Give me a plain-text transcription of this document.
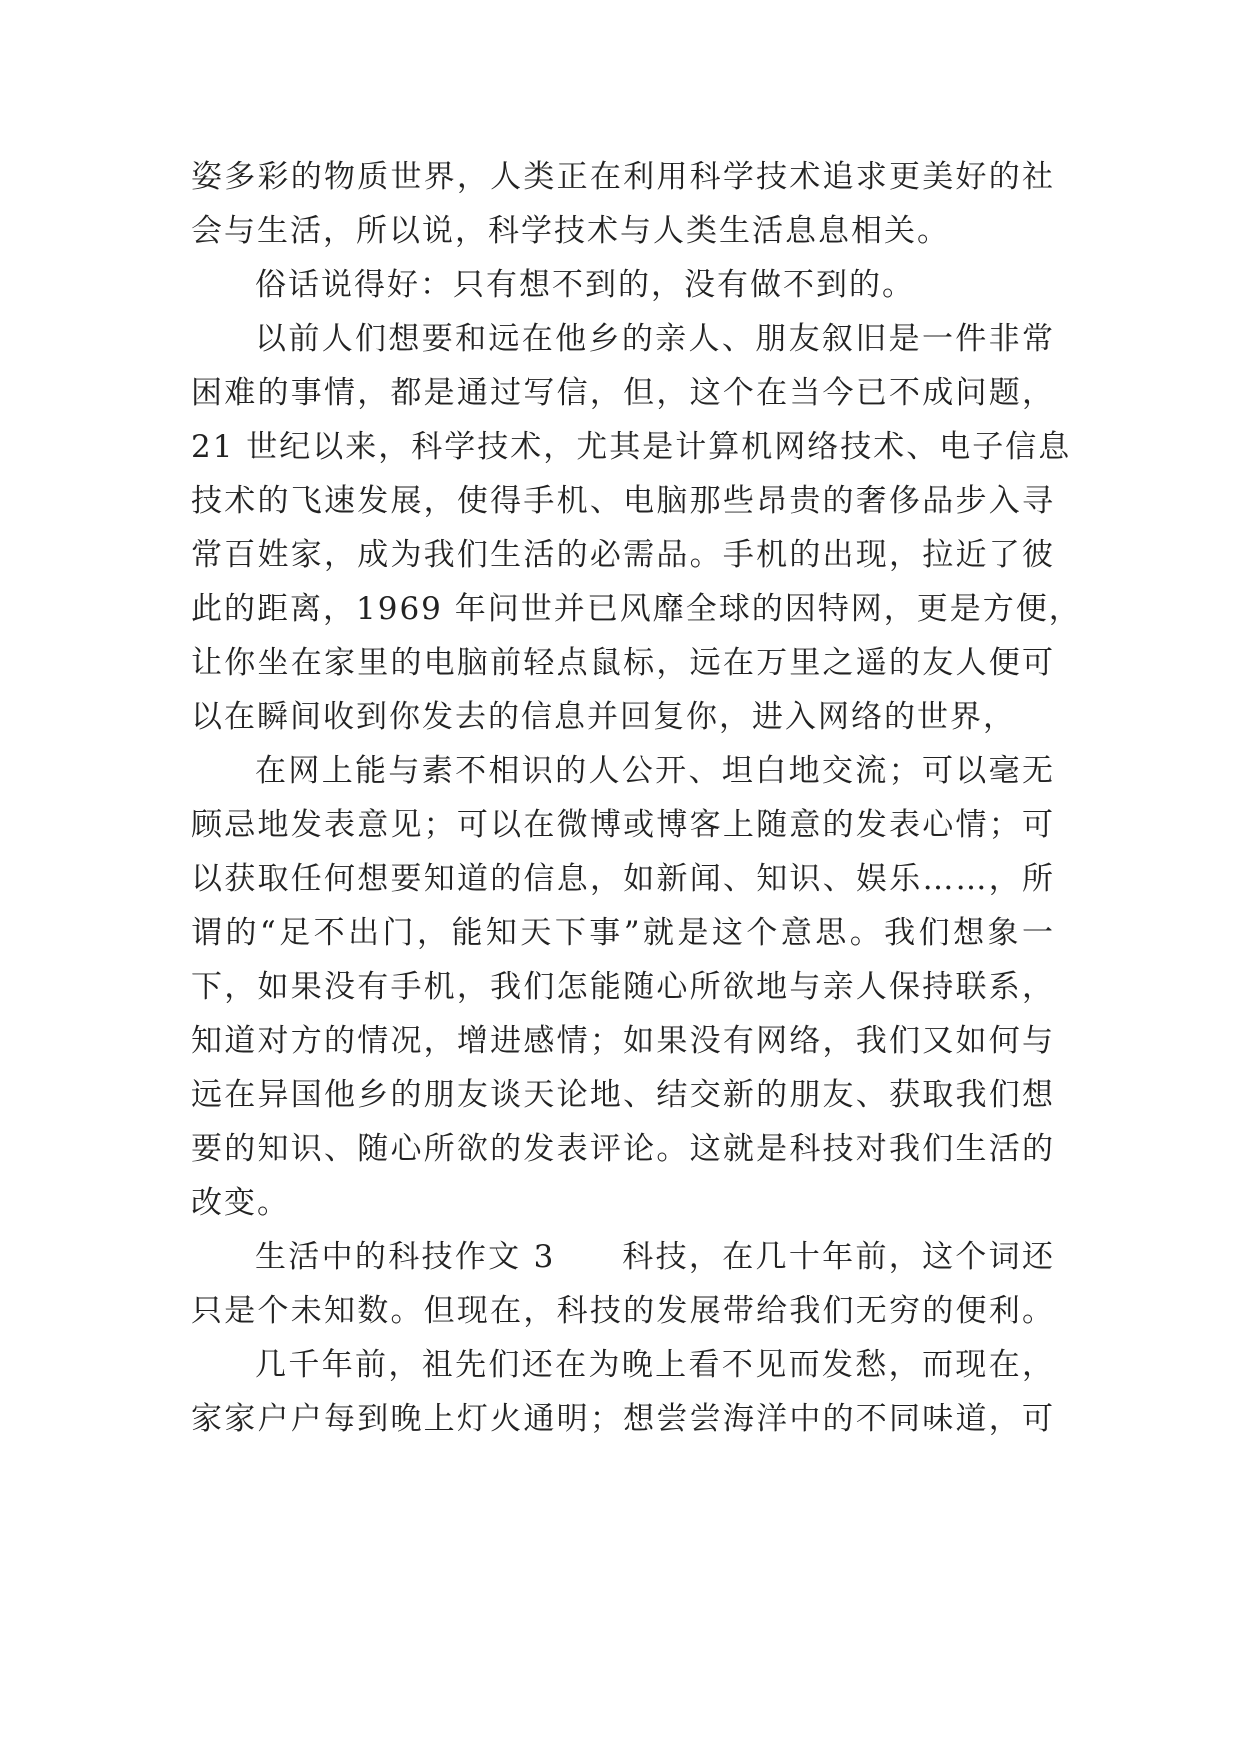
姿多彩的物质世界，人类正在利用科学技术追求更美好的社
会与生活，所以说，科学技术与人类生活息息相关。
俗话说得好：只有想不到的，没有做不到的。
以前人们想要和远在他乡的亲人、朋友叙旧是一件非常
困难的事情，都是通过写信，但，这个在当今已不成问题，
21 世纪以来，科学技术，尤其是计算机网络技术、电子信息
技术的飞速发展，使得手机、电脑那些昂贵的奢侈品步入寻
常百姓家，成为我们生活的必需品。手机的出现，拉近了彼
此的距离，1969 年问世并已风靡全球的因特网，更是方便，
让你坐在家里的电脑前轻点鼠标，远在万里之遥的友人便可
以在瞬间收到你发去的信息并回复你，进入网络的世界，
在网上能与素不相识的人公开、坦白地交流；可以毫无
顾忌地发表意见；可以在微博或博客上随意的发表心情；可
以获取任何想要知道的信息，如新闻、知识、娱乐……，所
谓的“足不出门，能知天下事”就是这个意思。我们想象一
下，如果没有手机，我们怎能随心所欲地与亲人保持联系，
知道对方的情况，增进感情；如果没有网络，我们又如何与
远在异国他乡的朋友谈天论地、结交新的朋友、获取我们想
要的知识、随心所欲的发表评论。这就是科技对我们生活的
改变。
生活中的科技作文 3　　科技，在几十年前，这个词还
只是个未知数。但现在，科技的发展带给我们无穷的便利。
几千年前，祖先们还在为晚上看不见而发愁，而现在，
家家户户每到晚上灯火通明；想尝尝海洋中的不同味道，可
